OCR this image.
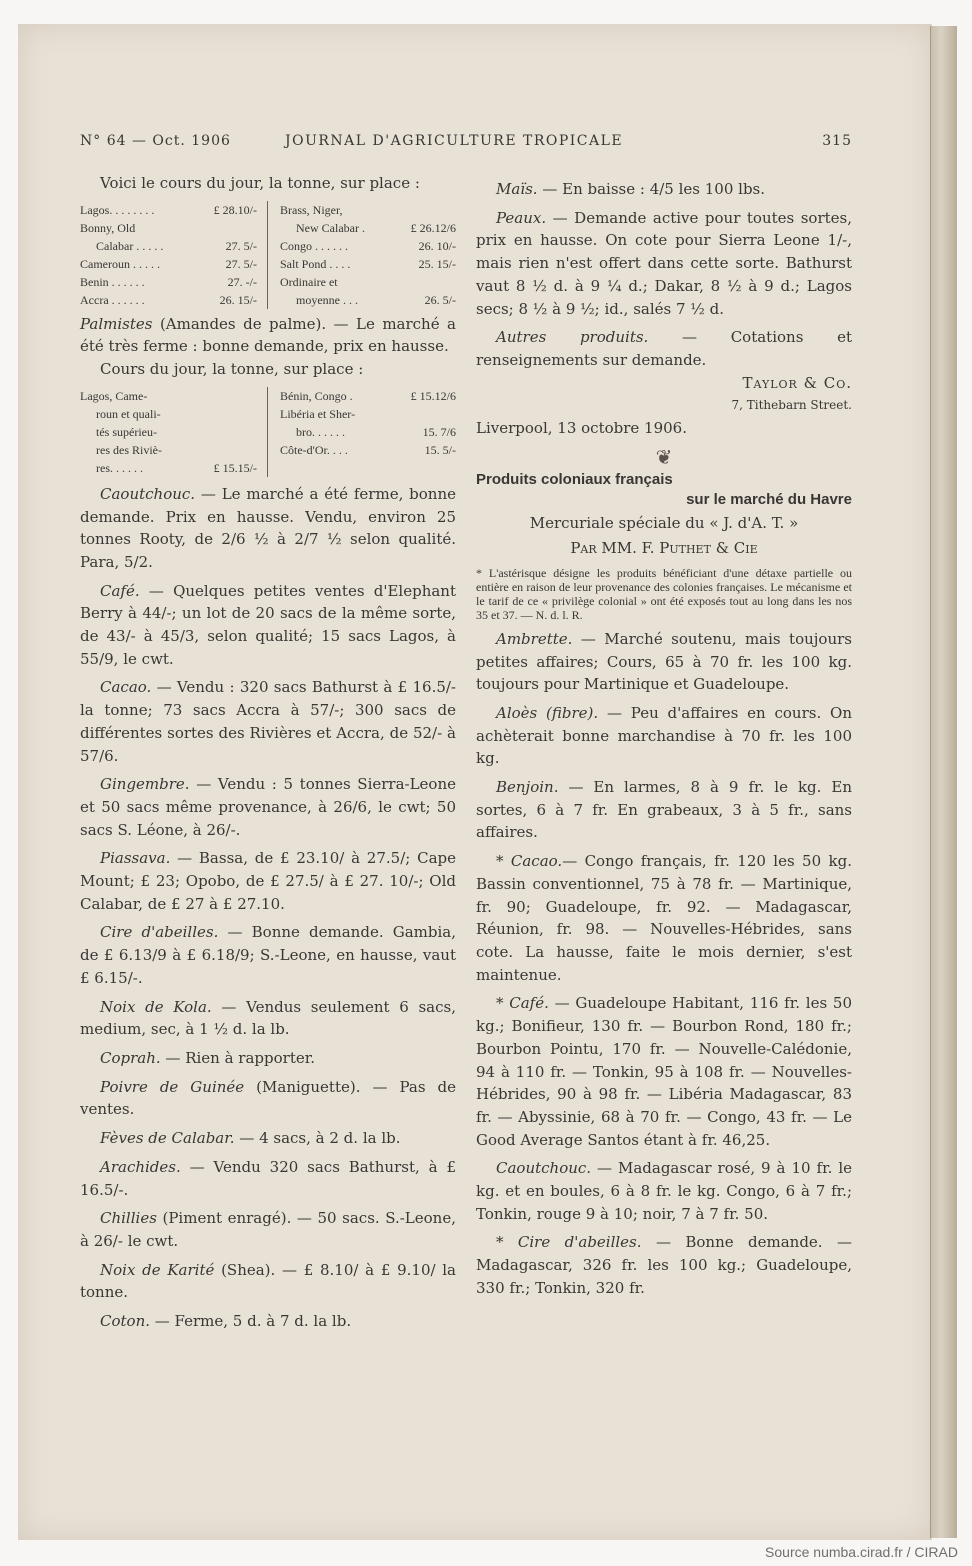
N° 64 — Oct. 1906	JOURNAL D'AGRICULTURE TROPICALE	315

Voici le cours du jour, la tonne, sur place :

Lagos. . . . . . . .	£ 28.10/-
Bonny, Old
Calabar . . . . .	27. 5/-
Cameroun . . . . .	27. 5/-
Benin . . . . . .	27. -/-
Accra . . . . . .	26. 15/-
Brass, Niger,
New Calabar .	£ 26.12/6
Congo . . . . . .	26. 10/-
Salt Pond . . . .	25. 15/-
Ordinaire et
moyenne . . .	26. 5/-

Palmistes (Amandes de palme). — Le marché a été très ferme : bonne demande, prix en hausse.

Cours du jour, la tonne, sur place :

Lagos, Came-
roun et quali-
tés supérieu-
res des Riviè-
res. . . . . .	£ 15.15/-
Bénin, Congo .	£ 15.12/6
Libéria et Sher-
bro. . . . . .	15. 7/6
Côte-d'Or. . . .	15. 5/-

Caoutchouc. — Le marché a été ferme, bonne demande. Prix en hausse. Vendu, environ 25 tonnes Rooty, de 2/6 ½ à 2/7 ½ selon qualité. Para, 5/2.

Café. — Quelques petites ventes d'Elephant Berry à 44/-; un lot de 20 sacs de la même sorte, de 43/- à 45/3, selon qualité; 15 sacs Lagos, à 55/9, le cwt.

Cacao. — Vendu : 320 sacs Bathurst à £ 16.5/- la tonne; 73 sacs Accra à 57/-; 300 sacs de différentes sortes des Rivières et Accra, de 52/- à 57/6.

Gingembre. — Vendu : 5 tonnes Sierra-Leone et 50 sacs même provenance, à 26/6, le cwt; 50 sacs S. Léone, à 26/-.

Piassava. — Bassa, de £ 23.10/ à 27.5/; Cape Mount; £ 23; Opobo, de £ 27.5/ à £ 27. 10/-; Old Calabar, de £ 27 à £ 27.10.

Cire d'abeilles. — Bonne demande. Gambia, de £ 6.13/9 à £ 6.18/9; S.-Leone, en hausse, vaut £ 6.15/-.

Noix de Kola. — Vendus seulement 6 sacs, medium, sec, à 1 ½ d. la lb.

Coprah. — Rien à rapporter.

Poivre de Guinée (Maniguette). — Pas de ventes.

Fèves de Calabar. — 4 sacs, à 2 d. la lb.

Arachides. — Vendu 320 sacs Bathurst, à £ 16.5/-.

Chillies (Piment enragé). — 50 sacs. S.-Leone, à 26/- le cwt.

Noix de Karité (Shea). — £ 8.10/ à £ 9.10/ la tonne.

Coton. — Ferme, 5 d. à 7 d. la lb.

Maïs. — En baisse : 4/5 les 100 lbs.

Peaux. — Demande active pour toutes sortes, prix en hausse. On cote pour Sierra Leone 1/-, mais rien n'est offert dans cette sorte. Bathurst vaut 8 ½ d. à 9 ¼ d.; Dakar, 8 ½ à 9 d.; Lagos secs; 8 ½ à 9 ½; id., salés 7 ½ d.

Autres produits. — Cotations et renseignements sur demande.

Taylor & Co.
7, Tithebarn Street.

Liverpool, 13 octobre 1906.

❦
Produits coloniaux français
sur le marché du Havre

Mercuriale spéciale du « J. d'A. T. »

Par MM. F. Puthet & Cie

* L'astérisque désigne les produits bénéficiant d'une détaxe partielle ou entière en raison de leur provenance des colonies françaises. Le mécanisme et le tarif de ce « privilège colonial » ont été exposés tout au long dans les nos 35 et 37. — N. d. l. R.

Ambrette. — Marché soutenu, mais toujours petites affaires; Cours, 65 à 70 fr. les 100 kg. toujours pour Martinique et Guadeloupe.

Aloès (fibre). — Peu d'affaires en cours. On achèterait bonne marchandise à 70 fr. les 100 kg.

Benjoin. — En larmes, 8 à 9 fr. le kg. En sortes, 6 à 7 fr. En grabeaux, 3 à 5 fr., sans affaires.

* Cacao.— Congo français, fr. 120 les 50 kg. Bassin conventionnel, 75 à 78 fr. — Martinique, fr. 90; Guadeloupe, fr. 92. — Madagascar, Réunion, fr. 98. — Nouvelles-Hébrides, sans cote. La hausse, faite le mois dernier, s'est maintenue.

* Café. — Guadeloupe Habitant, 116 fr. les 50 kg.; Bonifieur, 130 fr. — Bourbon Rond, 180 fr.; Bourbon Pointu, 170 fr. — Nouvelle-Calédonie, 94 à 110 fr. — Tonkin, 95 à 108 fr. — Nouvelles-Hébrides, 90 à 98 fr. — Libéria Madagascar, 83 fr. — Abyssinie, 68 à 70 fr. — Congo, 43 fr. — Le Good Average Santos étant à fr. 46,25.

Caoutchouc. — Madagascar rosé, 9 à 10 fr. le kg. et en boules, 6 à 8 fr. le kg. Congo, 6 à 7 fr.; Tonkin, rouge 9 à 10; noir, 7 à 7 fr. 50.

* Cire d'abeilles. — Bonne demande. — Madagascar, 326 fr. les 100 kg.; Guadeloupe, 330 fr.; Tonkin, 320 fr.

Source numba.cirad.fr / CIRAD
